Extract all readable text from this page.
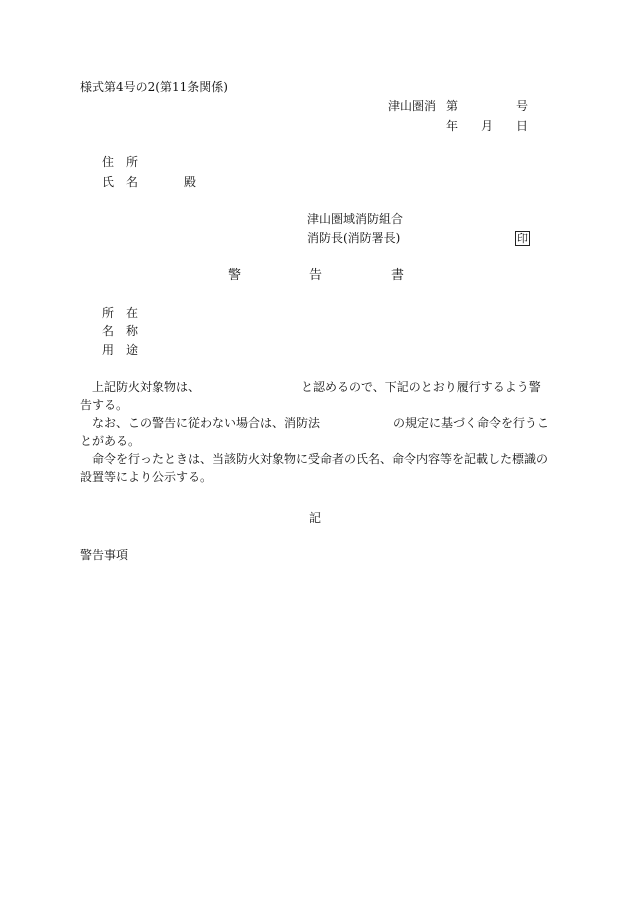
様式第4号の2(第11条関係)
津山圏消 第	号
年 月 日
住　所
氏　名	殿
津山圏域消防組合
消防長(消防署長)	印
警	告	書
所　在
名　称
用　途

上記防火対象物は、	と認めるので、下記のとおり履行するよう警告する。

なお、この警告に従わない場合は、消防法	の規定に基づく命令を行うことがある。

命令を行ったときは、当該防火対象物に受命者の氏名、命令内容等を記載した標識の設置等により公示する。

記
警告事項
